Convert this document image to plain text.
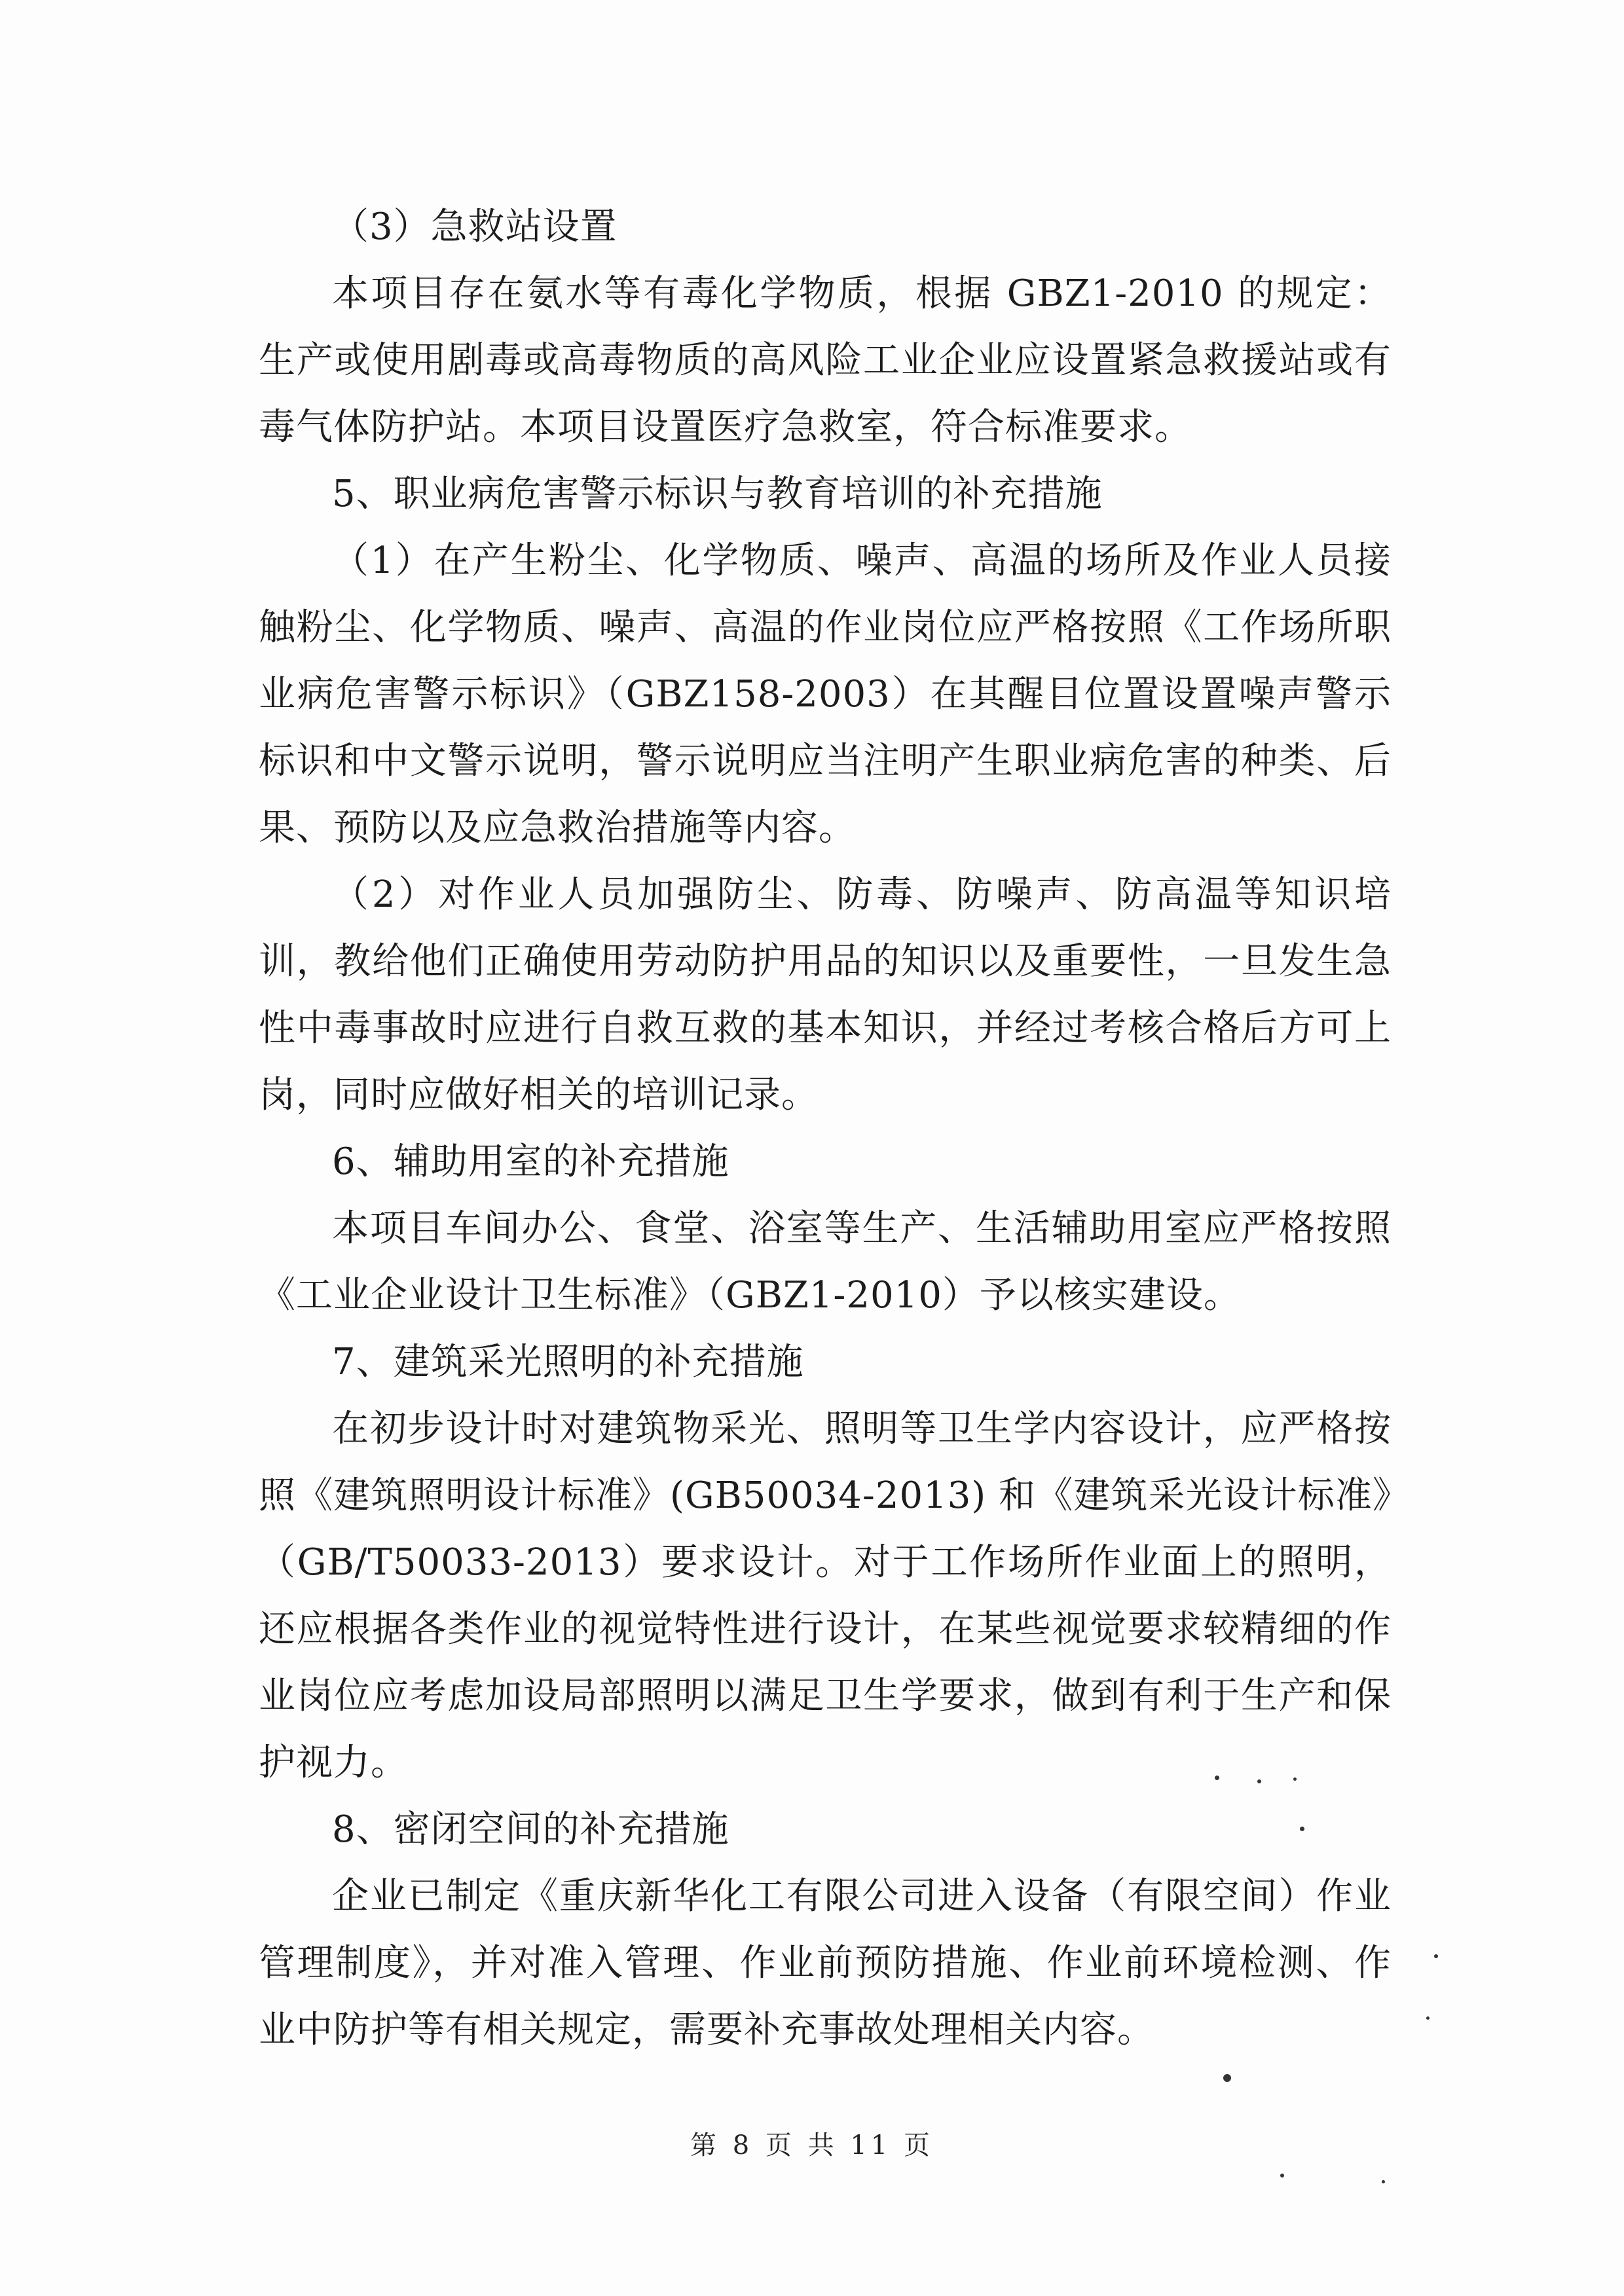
（3）急救站设置

本项目存在氨水等有毒化学物质，根据 GBZ1-2010 的规定：生产或使用剧毒或高毒物质的高风险工业企业应设置紧急救援站或有毒气体防护站。本项目设置医疗急救室，符合标准要求。

5、职业病危害警示标识与教育培训的补充措施

（1）在产生粉尘、化学物质、噪声、高温的场所及作业人员接触粉尘、化学物质、噪声、高温的作业岗位应严格按照《工作场所职业病危害警示标识》（GBZ158-2003）在其醒目位置设置噪声警示标识和中文警示说明，警示说明应当注明产生职业病危害的种类、后果、预防以及应急救治措施等内容。

（2）对作业人员加强防尘、防毒、防噪声、防高温等知识培训，教给他们正确使用劳动防护用品的知识以及重要性，一旦发生急性中毒事故时应进行自救互救的基本知识，并经过考核合格后方可上岗，同时应做好相关的培训记录。

6、辅助用室的补充措施

本项目车间办公、食堂、浴室等生产、生活辅助用室应严格按照《工业企业设计卫生标准》（GBZ1-2010）予以核实建设。

7、建筑采光照明的补充措施

在初步设计时对建筑物采光、照明等卫生学内容设计，应严格按照《建筑照明设计标准》(GB50034-2013) 和《建筑采光设计标准》（GB/T50033-2013）要求设计。对于工作场所作业面上的照明，还应根据各类作业的视觉特性进行设计，在某些视觉要求较精细的作业岗位应考虑加设局部照明以满足卫生学要求，做到有利于生产和保护视力。

8、密闭空间的补充措施

企业已制定《重庆新华化工有限公司进入设备（有限空间）作业管理制度》，并对准入管理、作业前预防措施、作业前环境检测、作业中防护等有相关规定，需要补充事故处理相关内容。

第 8 页 共 11 页
